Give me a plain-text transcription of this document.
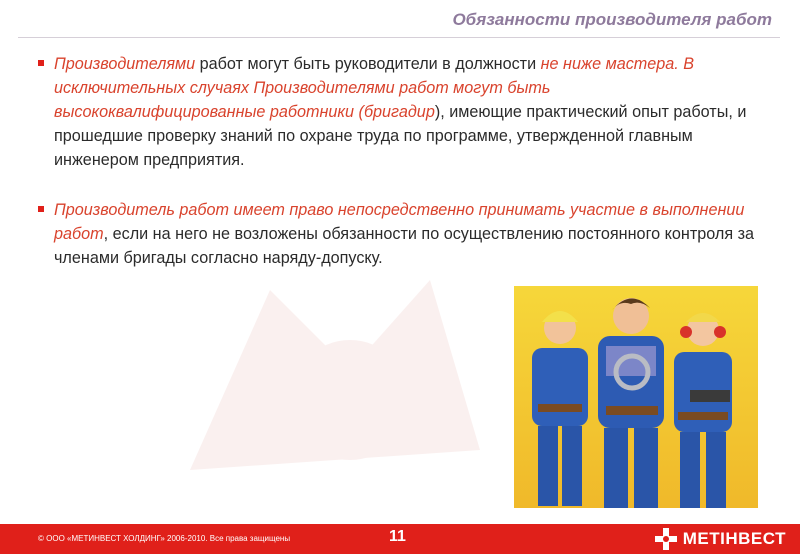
Обязанности производителя работ

Производителями работ могут быть руководители в должности не ниже мастера. В исключительных случаях Производителями работ могут быть высококвалифицированные работники (бригадир), имеющие практический опыт работы, и прошедшие проверку знаний по охране труда по программе, утвержденной главным инженером предприятия.

Производитель работ имеет право непосредственно принимать участие в выполнении работ, если на него не возложены обязанности по осуществлению постоянного контроля за членами бригады согласно наряду-допуску.

© ООО «МЕТИНВЕСТ ХОЛДИНГ» 2006-2010. Все права защищены	11	МЕТІНВЕСТ
